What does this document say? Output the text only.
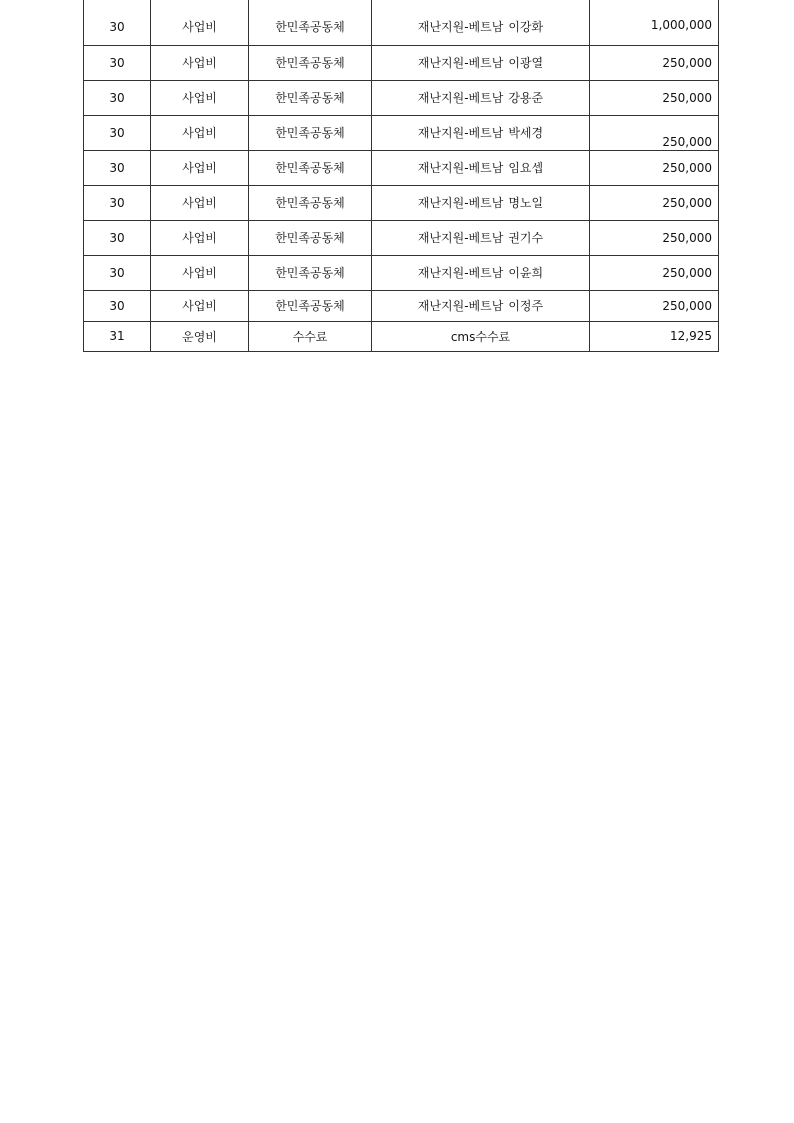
30	사업비	한민족공동체	재난지원-베트남 이강화	1,000,000
30	사업비	한민족공동체	재난지원-베트남 이광열	250,000
30	사업비	한민족공동체	재난지원-베트남 강용준	250,000
30	사업비	한민족공동체	재난지원-베트남 박세경	250,000
30	사업비	한민족공동체	재난지원-베트남 임요셉	250,000
30	사업비	한민족공동체	재난지원-베트남 명노일	250,000
30	사업비	한민족공동체	재난지원-베트남 권기수	250,000
30	사업비	한민족공동체	재난지원-베트남 이윤희	250,000
30	사업비	한민족공동체	재난지원-베트남 이정주	250,000
31	운영비	수수료	cms수수료	12,925
